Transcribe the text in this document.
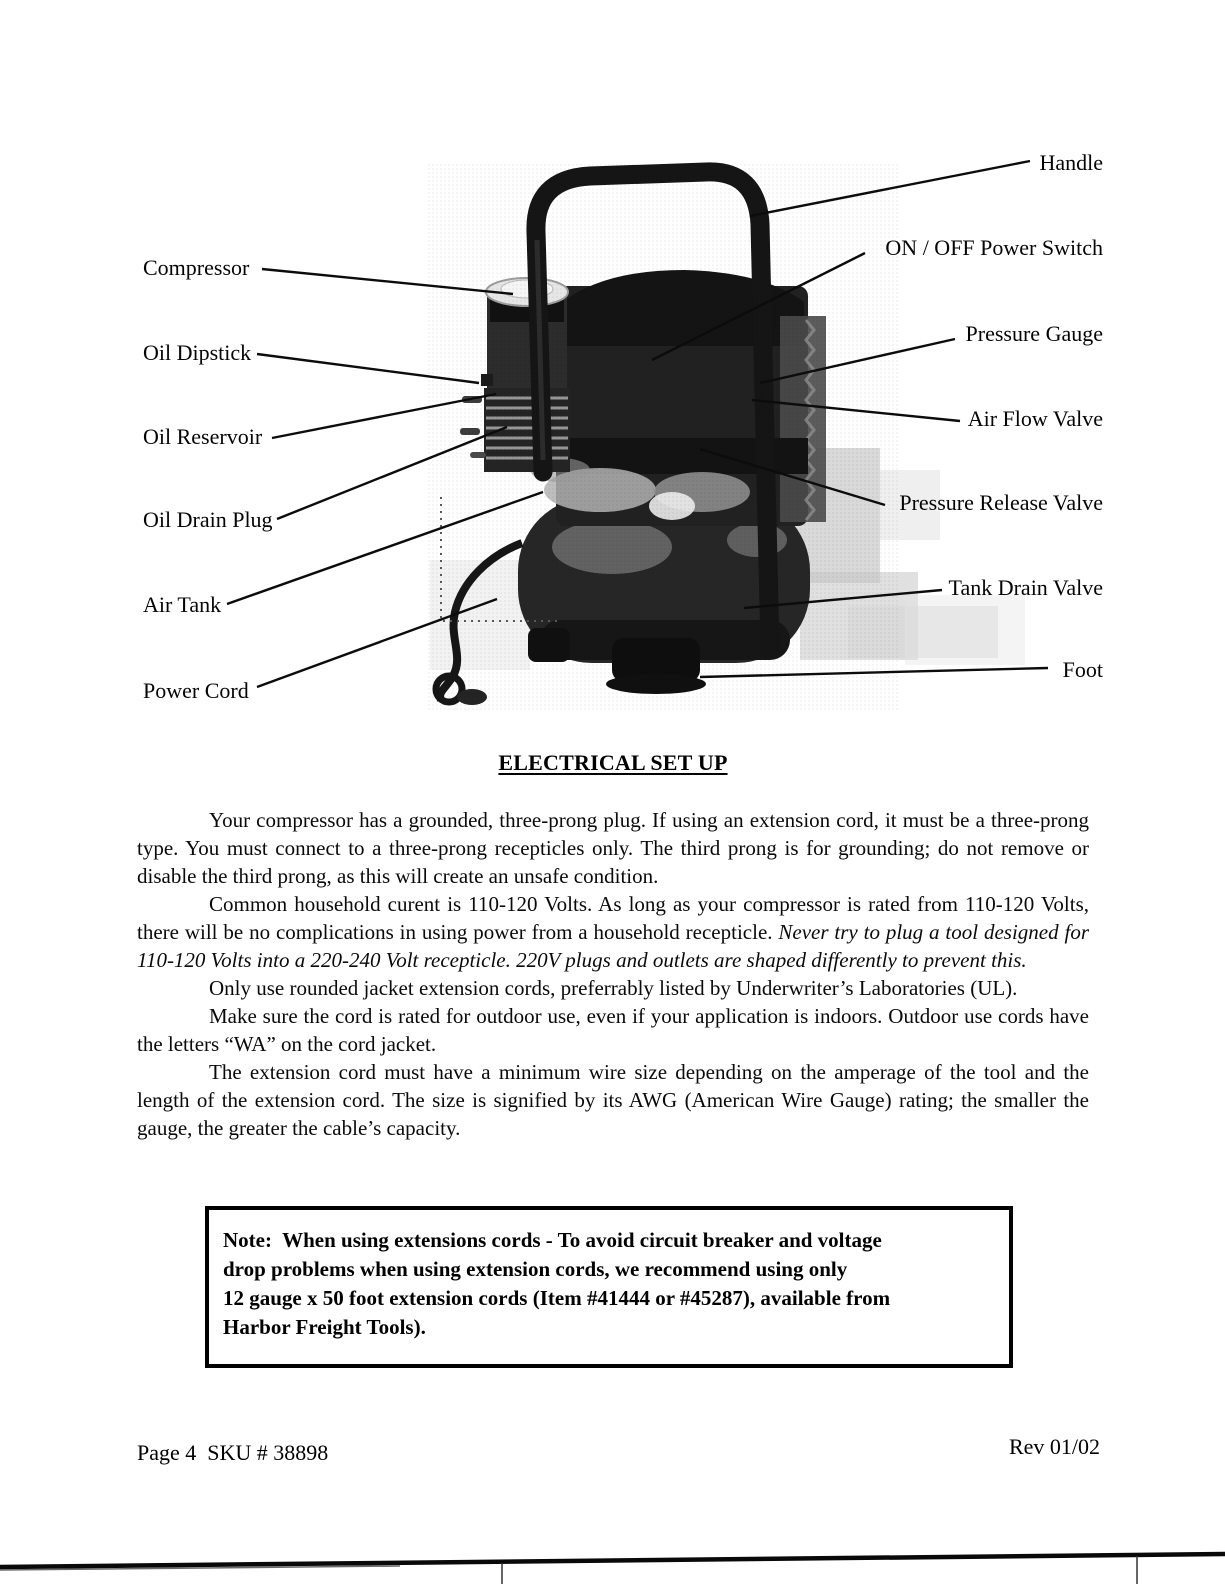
Compressor
Oil Dipstick
Oil Reservoir
Oil Drain Plug
Air Tank
Power Cord
Handle
ON / OFF Power Switch
Pressure Gauge
Air Flow Valve
Pressure Release Valve
Tank Drain Valve
Foot
ELECTRICAL SET UP

Your compressor has a grounded, three-prong plug. If using an extension cord, it must be a three-prong type. You must connect to a three-prong recepticles only. The third prong is for grounding; do not remove or disable the third prong, as this will create an unsafe condition.

Common household curent is 110-120 Volts. As long as your compressor is rated from 110-120 Volts, there will be no complications in using power from a household recepticle. Never try to plug a tool designed for 110-120 Volts into a 220-240 Volt recepticle. 220V plugs and outlets are shaped differently to prevent this.

Only use rounded jacket extension cords, preferrably listed by Underwriter’s Laboratories (UL).

Make sure the cord is rated for outdoor use, even if your application is indoors. Outdoor use cords have the letters “WA” on the cord jacket.

The extension cord must have a minimum wire size depending on the amperage of the tool and the length of the extension cord. The size is signified by its AWG (American Wire Gauge) rating; the smaller the gauge, the greater the cable’s capacity.

Note:  When using extensions cords - To avoid circuit breaker and voltage
drop problems when using extension cords, we recommend using only
12 gauge x 50 foot extension cords (Item #41444 or #45287), available from
Harbor Freight Tools).
Page 4  SKU # 38898	Rev 01/02
